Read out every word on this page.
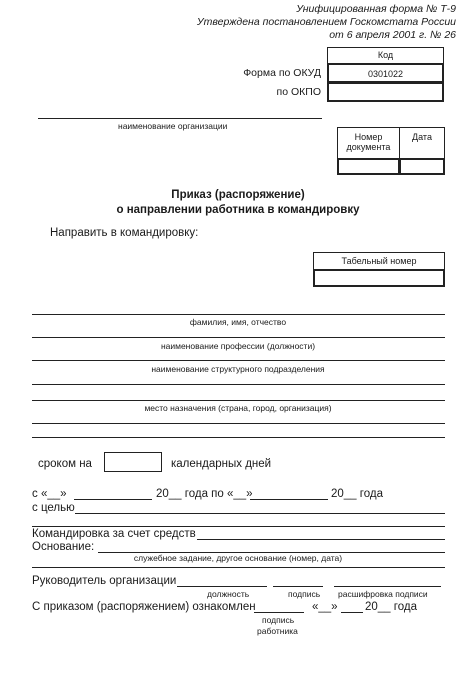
Унифицированная форма № Т-9
Утверждена постановлением Госкомстата России
от 6 апреля 2001 г. № 26
Код
0301022
Форма по ОКУД
по ОКПО
наименование организации
Номер
документа
Дата
Приказ (распоряжение)
о направлении работника в командировку
Направить в командировку:
Табельный номер
фамилия, имя, отчество
наименование профессии (должности)
наименование структурного подразделения
место назначения (страна, город, организация)
сроком на	календарных дней
с «__»	20__ года по «__»	20__ года
с целью
Командировка за счет средств
Основание:
служебное задание, другое основание (номер, дата)
Руководитель организации
должность	подпись расшифровка подписи
С приказом (распоряжением) ознакомлен	«__» 20__ года
подпись
работника
